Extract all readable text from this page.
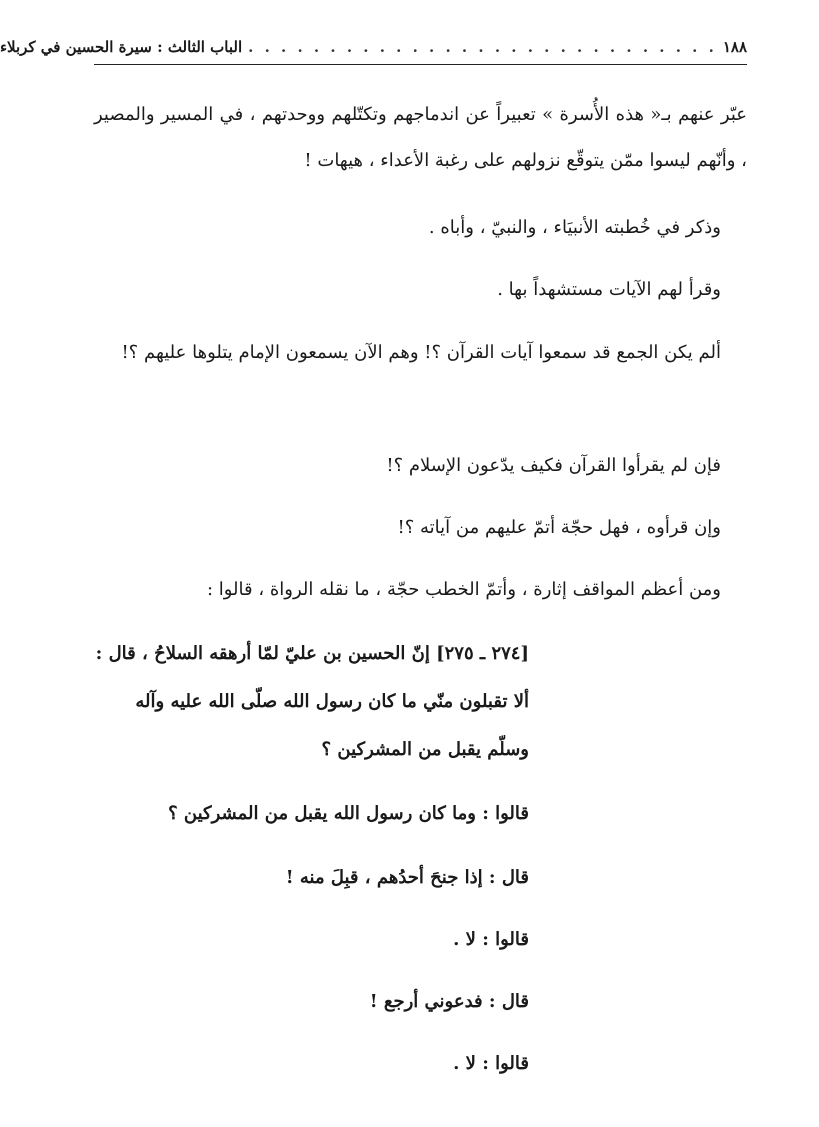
١٨٨
. . . . . . . . . . . . . . . . . . . . . . . . . . . . .
الباب الثالث : سيرة الحسين في كربلاء

عبّر عنهم بـ« هذه الأُسرة » تعبيراً عن اندماجهم وتكتّلهم ووحدتهم ، في المسير والمصير ، وأنّهم ليسوا ممّن يتوقّع نزولهم على رغبة الأعداء ، هيهات !

وذكر في خُطبته الأنبيَاء ، والنبيّ ، وأباه .

وقرأ لهم الآيات مستشهداً بها .

ألم يكن الجمع قد سمعوا آيات القرآن ؟! وهم الآن يسمعون الإمام يتلوها عليهم ؟!

فإن لم يقرأوا القرآن فكيف يدّعون الإسلام ؟!

وإن قرأوه ، فهل حجّة أتمّ عليهم من آياته ؟!

ومن أعظم المواقف إثارة ، وأتمّ الخطب حجّة ، ما نقله الرواة ، قالوا :

[٢٧٤ ـ ٢٧٥] إنّ الحسين بن عليّ لمّا أرهقه السلاحُ ، قال : ألا تقبلون منّي ما كان رسول الله صلّى الله عليه وآله وسلّم يقبل من المشركين ؟

قالوا : وما كان رسول الله يقبل من المشركين ؟

قال : إذا جنحَ أحدُهم ، قبِلَ منه !

قالوا : لا .

قال : فدعوني أرجع !

قالوا : لا .
